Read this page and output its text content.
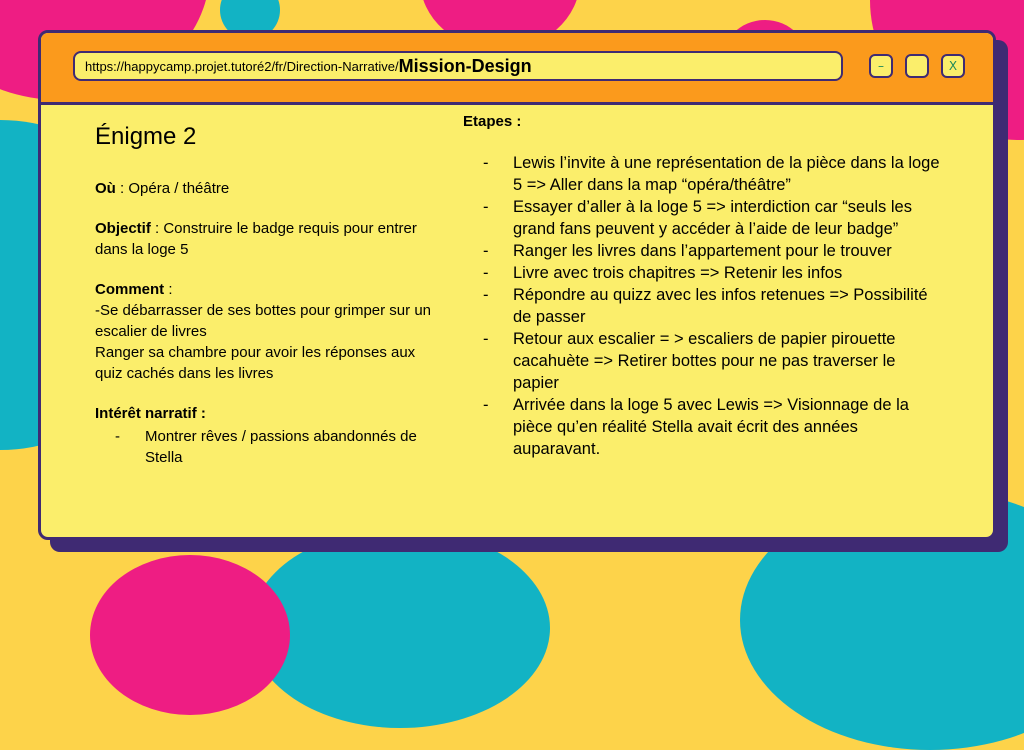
https://happycamp.projet.tutoré2/fr/Direction-Narrative/ Mission-Design	–	X
Énigme 2
Où : Opéra / théâtre
Objectif : Construire le badge requis pour entrer dans la loge 5
Comment :
-Se débarrasser de ses bottes pour grimper sur un escalier de livres
Ranger sa chambre pour avoir les réponses aux quiz cachés dans les livres
Intérêt narratif :
- Montrer rêves / passions abandonnés de Stella
Etapes :
- Lewis l’invite à une représentation de la pièce dans la loge 5 => Aller dans la map “opéra/théâtre”
- Essayer d’aller à la loge 5 => interdiction car “seuls les grand fans peuvent y accéder à l’aide de leur badge”
- Ranger les livres dans l’appartement pour le trouver
- Livre avec trois chapitres => Retenir les infos
- Répondre au quizz avec les infos retenues => Possibilité de passer
- Retour aux escalier = > escaliers de papier pirouette cacahuète => Retirer bottes pour ne pas traverser le papier
- Arrivée dans la loge 5 avec Lewis => Visionnage de la pièce qu’en réalité Stella avait écrit des années auparavant.
